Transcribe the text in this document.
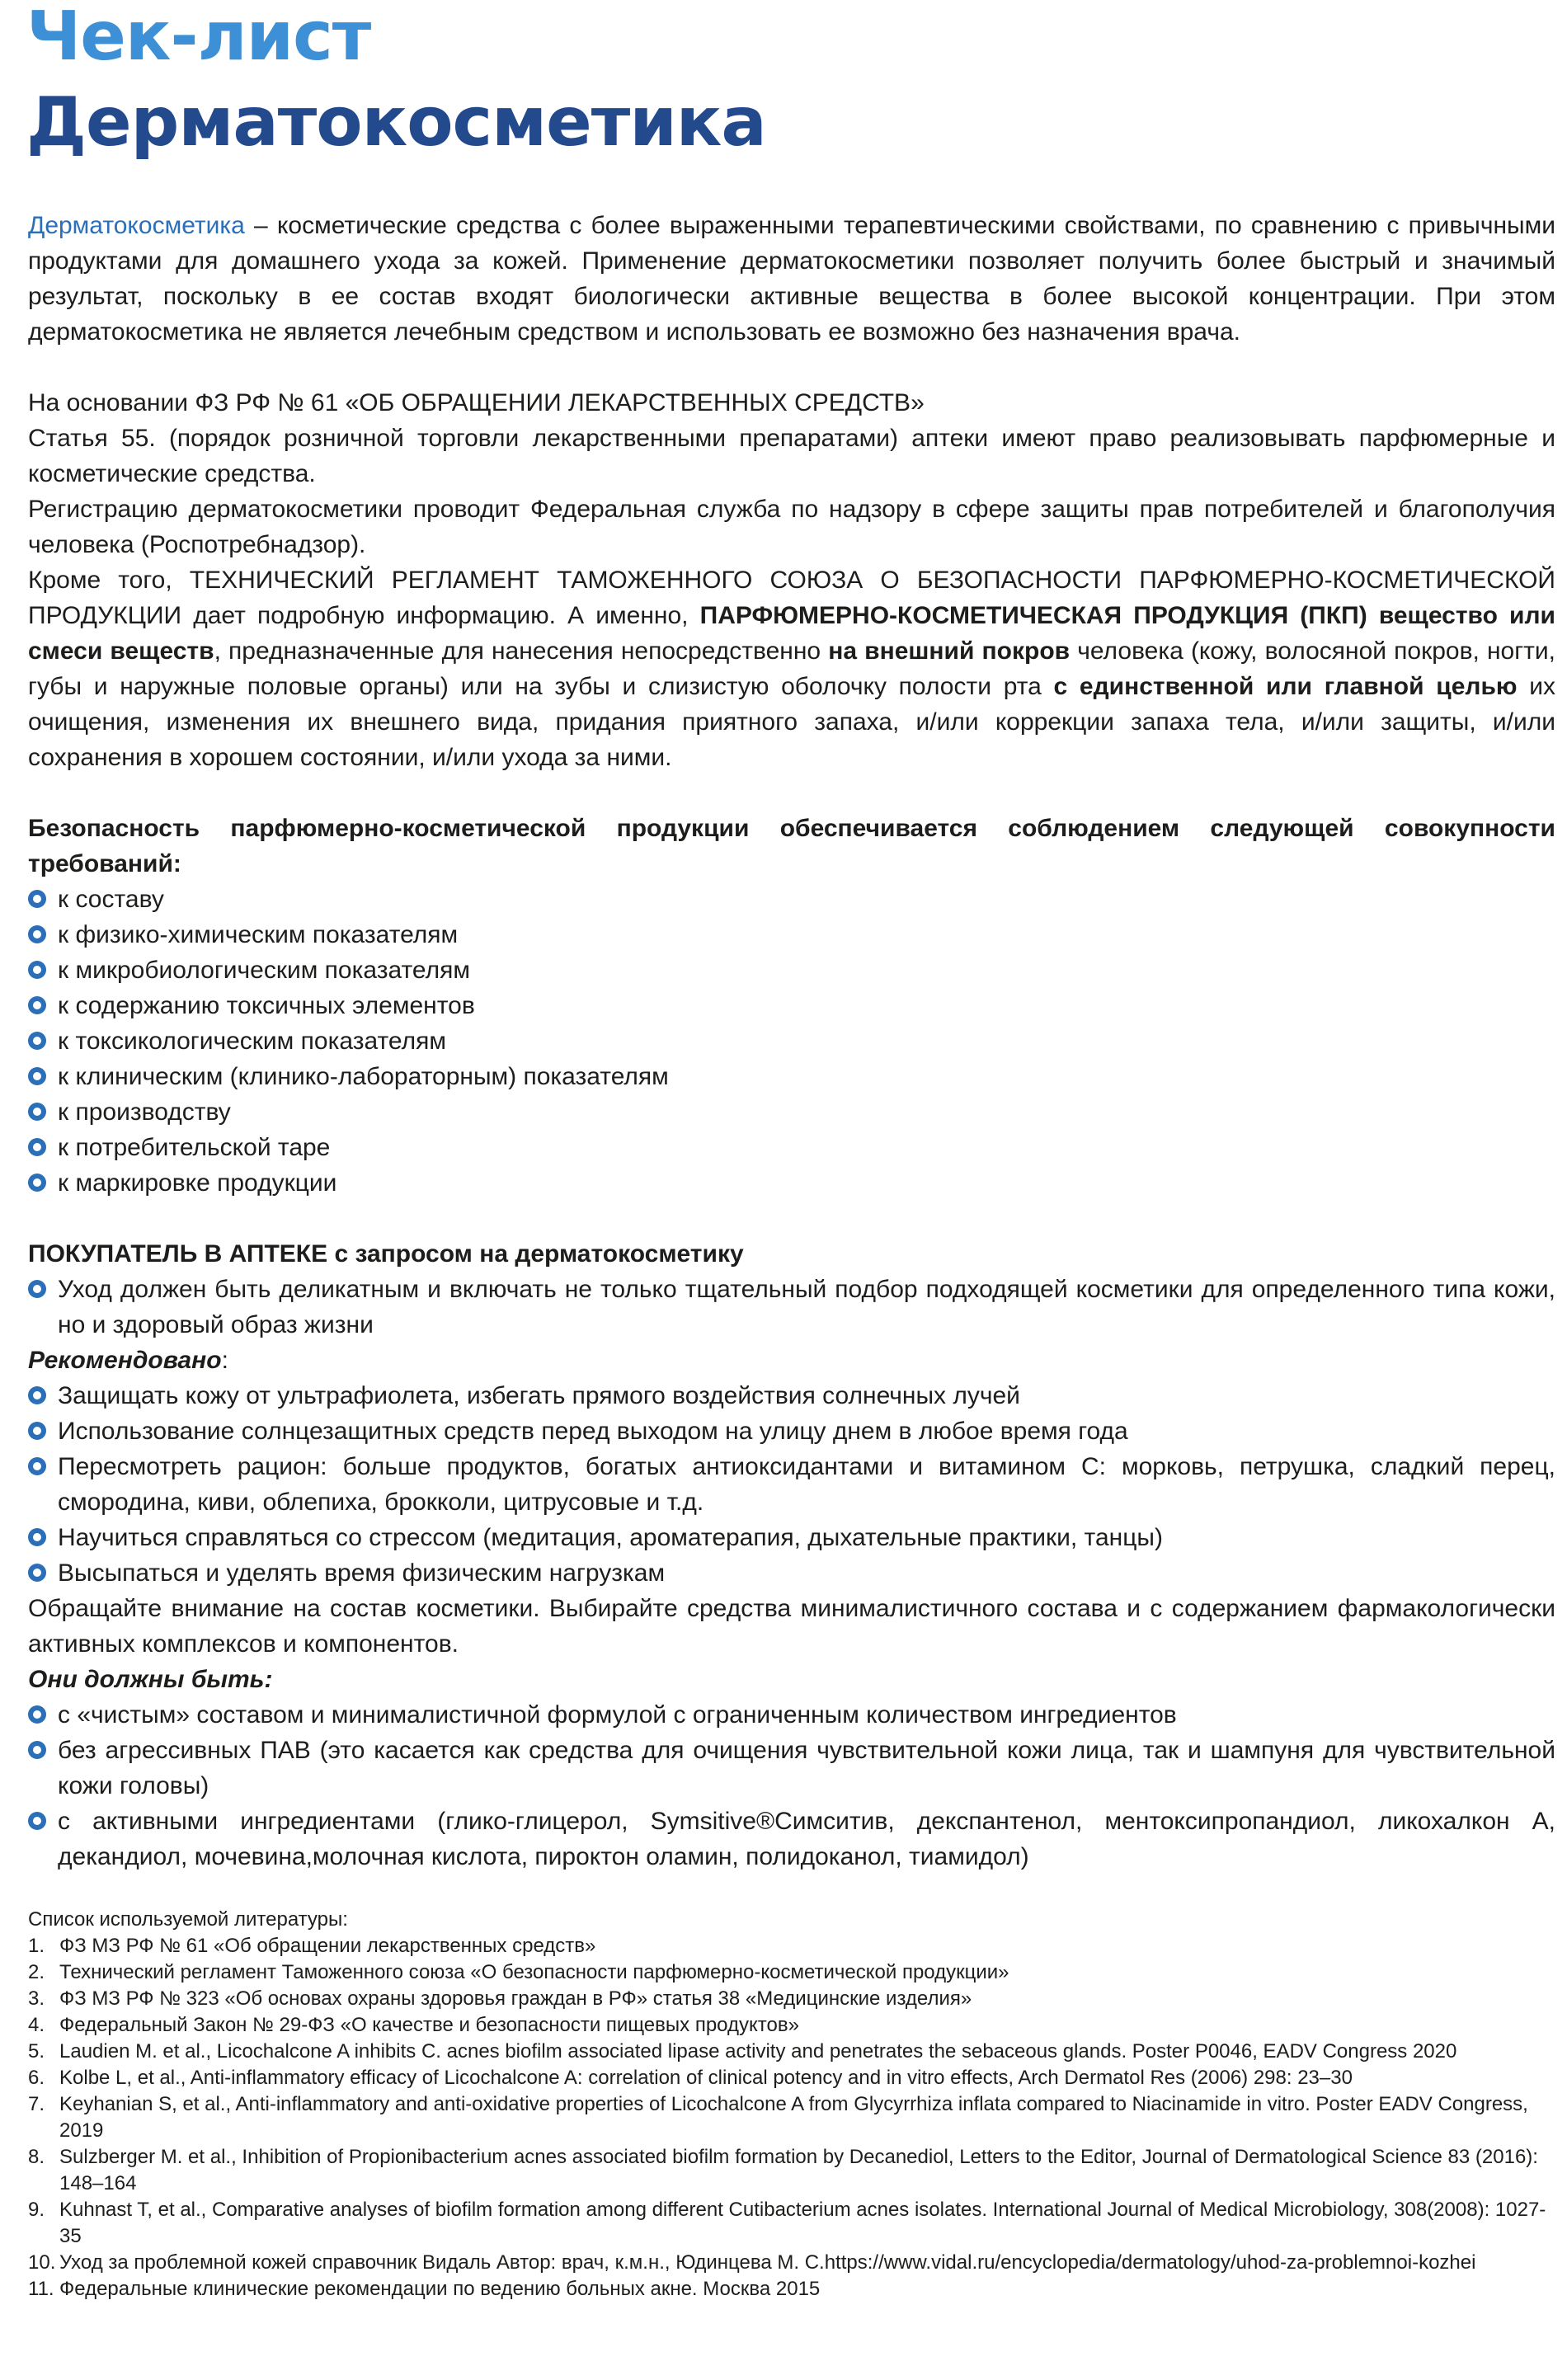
Чек-лист
Дерматокосметика

Дерматокосметика – косметические средства с более выраженными терапевтическими свойствами, по сравнению с привычными продуктами для домашнего ухода за кожей. Применение дерматокосметики позволяет получить более быстрый и значимый результат, поскольку в ее состав входят биологически активные вещества в более высокой концентрации. При этом дерматокосметика не является лечебным средством и использовать ее возможно без назначения врача.

На основании ФЗ РФ № 61 «ОБ ОБРАЩЕНИИ ЛЕКАРСТВЕННЫХ СРЕДСТВ»

Статья 55. (порядок розничной торговли лекарственными препаратами) аптеки имеют право реализовывать парфюмерные и косметические средства.

Регистрацию дерматокосметики проводит Федеральная служба по надзору в сфере защиты прав потребителей и благополучия человека (Роспотребнадзор).

Кроме того, ТЕХНИЧЕСКИЙ РЕГЛАМЕНТ ТАМОЖЕННОГО СОЮЗА О БЕЗОПАСНОСТИ ПАРФЮМЕРНО-КОСМЕТИЧЕСКОЙ ПРОДУКЦИИ дает подробную информацию. А именно, ПАРФЮМЕРНО-КОСМЕТИЧЕСКАЯ ПРОДУКЦИЯ (ПКП) вещество или смеси веществ, предназначенные для нанесения непосредственно на внешний покров человека (кожу, волосяной покров, ногти, губы и наружные половые органы) или на зубы и слизистую оболочку полости рта с единственной или главной целью их очищения, изменения их внешнего вида, придания приятного запаха, и/или коррекции запаха тела, и/или защиты, и/или сохранения в хорошем состоянии, и/или ухода за ними.

Безопасность парфюмерно-косметической продукции обеспечивается соблюдением следующей совокупности требований:

к составу
к физико-химическим показателям
к микробиологическим показателям
к содержанию токсичных элементов
к токсикологическим показателям
к клиническим (клинико-лабораторным) показателям
к производству
к потребительской таре
к маркировке продукции

ПОКУПАТЕЛЬ В АПТЕКЕ с запросом на дерматокосметику

Уход должен быть деликатным и включать не только тщательный подбор подходящей косметики для определенного типа кожи, но и здоровый образ жизни

Рекомендовано:

Защищать кожу от ультрафиолета, избегать прямого воздействия солнечных лучей
Использование солнцезащитных средств перед выходом на улицу днем в любое время года
Пересмотреть рацион: больше продуктов, богатых антиоксидантами и витамином С: морковь, петрушка, сладкий перец, смородина, киви, облепиха, брокколи, цитрусовые и т.д.
Научиться справляться со стрессом (медитация, ароматерапия, дыхательные практики, танцы)
Высыпаться и уделять время физическим нагрузкам

Обращайте внимание на состав косметики. Выбирайте средства минималистичного состава и с содержанием фармакологически активных комплексов и компонентов.

Они должны быть:

с «чистым» составом и минималистичной формулой с ограниченным количеством ингредиентов
без агрессивных ПАВ (это касается как средства для очищения чувствительной кожи лица, так и шампуня для чувствительной кожи головы)
с активными ингредиентами (глико-глицерол, Symsitive®Симситив, декспантенол, ментоксипропандиол, ликохалкон А, декандиол, мочевина,молочная кислота, пироктон оламин, полидоканол, тиамидол)
Список используемой литературы:
1. ФЗ МЗ РФ № 61 «Об обращении лекарственных средств»
2. Технический регламент Таможенного союза «О безопасности парфюмерно-косметической продукции»
3. ФЗ МЗ РФ № 323 «Об основах охраны здоровья граждан в РФ» статья 38 «Медицинские изделия»
4. Федеральный Закон № 29-ФЗ «О качестве и безопасности пищевых продуктов»
5. Laudien M. et al., Licochalcone A inhibits C. acnes biofilm associated lipase activity and penetrates the sebaceous glands. Poster P0046, EADV Congress 2020
6. Kolbe L, et al., Anti-inflammatory efficacy of Licochalcone A: correlation of clinical potency and in vitro effects, Arch Dermatol Res (2006) 298: 23–30
7. Keyhanian S, et al., Anti-inflammatory and anti-oxidative properties of Licochalcone A from Glycyrrhiza inflata compared to Niacinamide in vitro. Poster EADV Congress, 2019
8. Sulzberger M. et al., Inhibition of Propionibacterium acnes associated biofilm formation by Decanediol, Letters to the Editor, Journal of Dermatological Science 83 (2016): 148–164
9. Kuhnast T, et al., Comparative analyses of biofilm formation among different Cutibacterium acnes isolates. International Journal of Medical Microbiology, 308(2008): 1027-35
10. Уход за проблемной кожей справочник Видаль Автор: врач, к.м.н., Юдинцева М. С.https://www.vidal.ru/encyclopedia/dermatology/uhod-za-problemnoi-kozhei
11. Федеральные клинические рекомендации по ведению больных акне. Москва 2015
